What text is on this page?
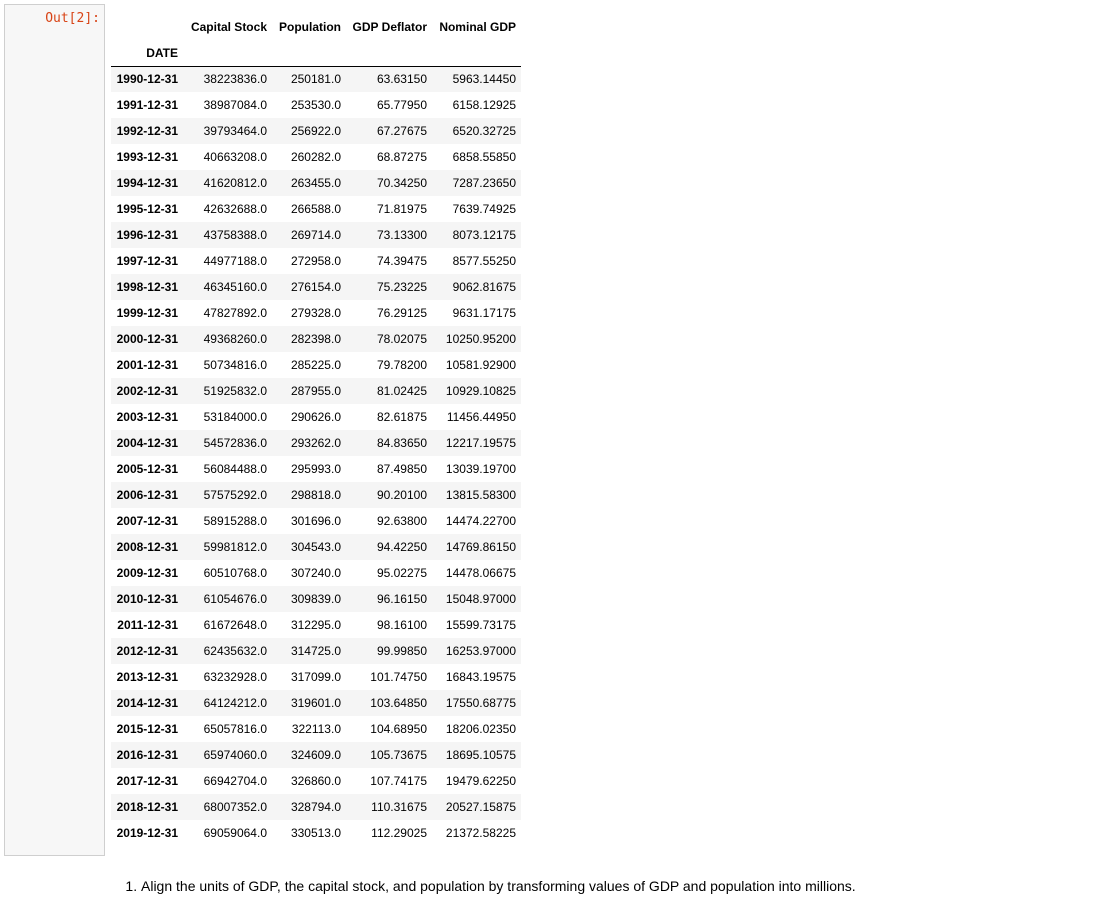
Out[2]:
	Capital Stock	Population	GDP Deflator	Nominal GDP
DATE				
1990-12-31	38223836.0	250181.0	63.63150	5963.14450
1991-12-31	38987084.0	253530.0	65.77950	6158.12925
1992-12-31	39793464.0	256922.0	67.27675	6520.32725
1993-12-31	40663208.0	260282.0	68.87275	6858.55850
1994-12-31	41620812.0	263455.0	70.34250	7287.23650
1995-12-31	42632688.0	266588.0	71.81975	7639.74925
1996-12-31	43758388.0	269714.0	73.13300	8073.12175
1997-12-31	44977188.0	272958.0	74.39475	8577.55250
1998-12-31	46345160.0	276154.0	75.23225	9062.81675
1999-12-31	47827892.0	279328.0	76.29125	9631.17175
2000-12-31	49368260.0	282398.0	78.02075	10250.95200
2001-12-31	50734816.0	285225.0	79.78200	10581.92900
2002-12-31	51925832.0	287955.0	81.02425	10929.10825
2003-12-31	53184000.0	290626.0	82.61875	11456.44950
2004-12-31	54572836.0	293262.0	84.83650	12217.19575
2005-12-31	56084488.0	295993.0	87.49850	13039.19700
2006-12-31	57575292.0	298818.0	90.20100	13815.58300
2007-12-31	58915288.0	301696.0	92.63800	14474.22700
2008-12-31	59981812.0	304543.0	94.42250	14769.86150
2009-12-31	60510768.0	307240.0	95.02275	14478.06675
2010-12-31	61054676.0	309839.0	96.16150	15048.97000
2011-12-31	61672648.0	312295.0	98.16100	15599.73175
2012-12-31	62435632.0	314725.0	99.99850	16253.97000
2013-12-31	63232928.0	317099.0	101.74750	16843.19575
2014-12-31	64124212.0	319601.0	103.64850	17550.68775
2015-12-31	65057816.0	322113.0	104.68950	18206.02350
2016-12-31	65974060.0	324609.0	105.73675	18695.10575
2017-12-31	66942704.0	326860.0	107.74175	19479.62250
2018-12-31	68007352.0	328794.0	110.31675	20527.15875
2019-12-31	69059064.0	330513.0	112.29025	21372.58225
1. Align the units of GDP, the capital stock, and population by transforming values of GDP and population into millions.
